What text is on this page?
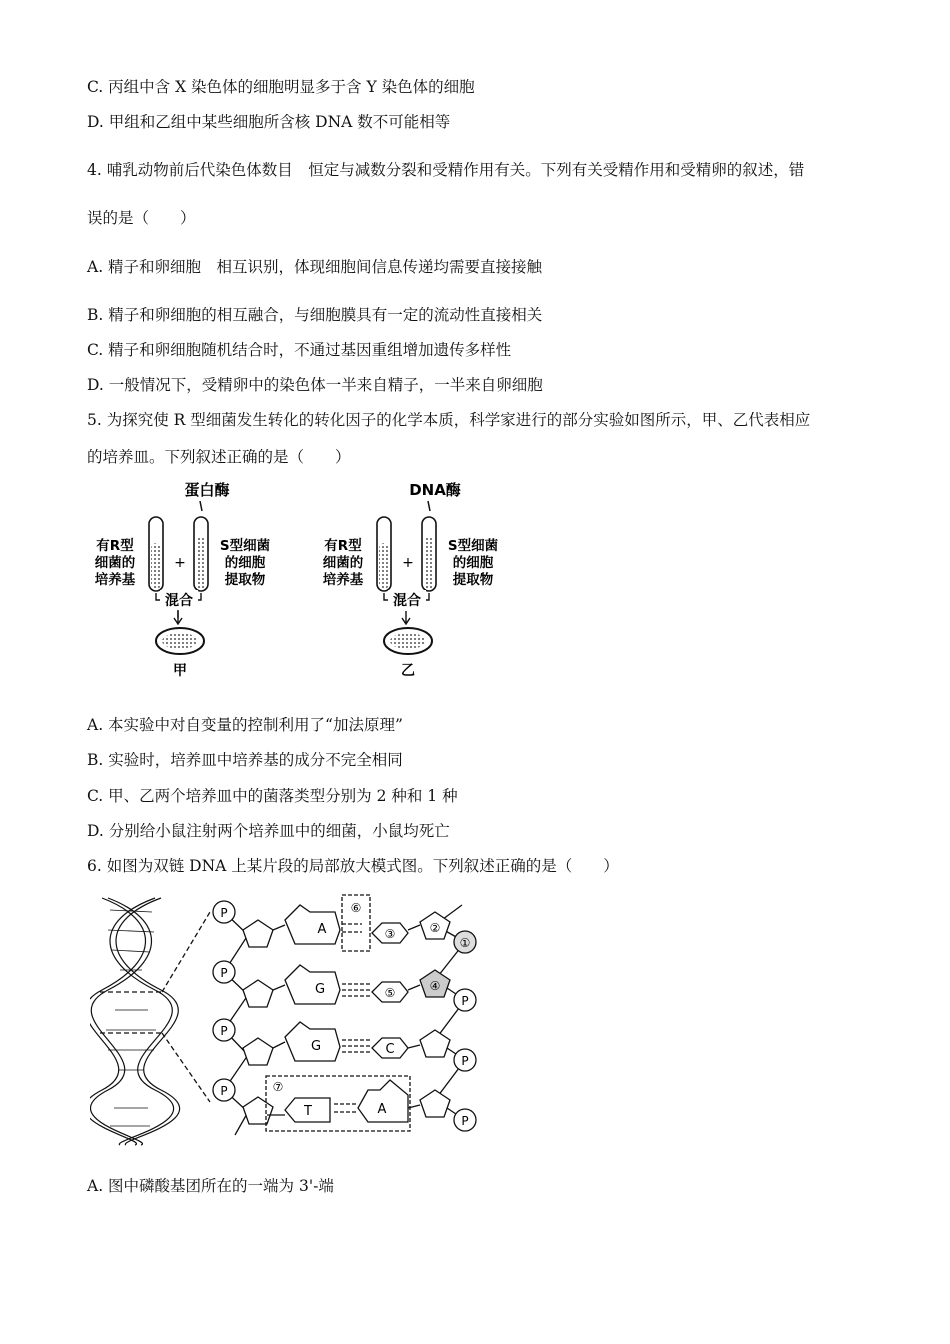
C. 丙组中含 X 染色体的细胞明显多于含 Y 染色体的细胞
D. 甲组和乙组中某些细胞所含核 DNA 数不可能相等
4. 哺乳动物前后代染色体数目　恒定与减数分裂和受精作用有关。下列有关受精作用和受精卵的叙述，错
误的是（　　）
A. 精子和卵细胞　相互识别，体现细胞间信息传递均需要直接接触
B. 精子和卵细胞的相互融合，与细胞膜具有一定的流动性直接相关
C. 精子和卵细胞随机结合时，不通过基因重组增加遗传多样性
D. 一般情况下，受精卵中的染色体一半来自精子，一半来自卵细胞
5. 为探究使 R 型细菌发生转化的转化因子的化学本质，科学家进行的部分实验如图所示，甲、乙代表相应
的培养皿。下列叙述正确的是（　　）
蛋白酶
+
有R型
细菌的
培养基
S型细菌
的细胞
提取物
混合
甲
DNA酶
+
有R型
细菌的
培养基
S型细菌
的细胞
提取物
混合
乙
A. 本实验中对自变量的控制利用了“加法原理”
B. 实验时，培养皿中培养基的成分不完全相同
C. 甲、乙两个培养皿中的菌落类型分别为 2 种和 1 种
D. 分别给小鼠注射两个培养皿中的细菌，小鼠均死亡
6. 如图为双链 DNA 上某片段的局部放大模式图。下列叙述正确的是（　　）
P
P
P
P
①
P
P
P
②
④
A
G
G
T
③
⑤
C
A
⑥
⑦
A. 图中磷酸基团所在的一端为 3'-端
